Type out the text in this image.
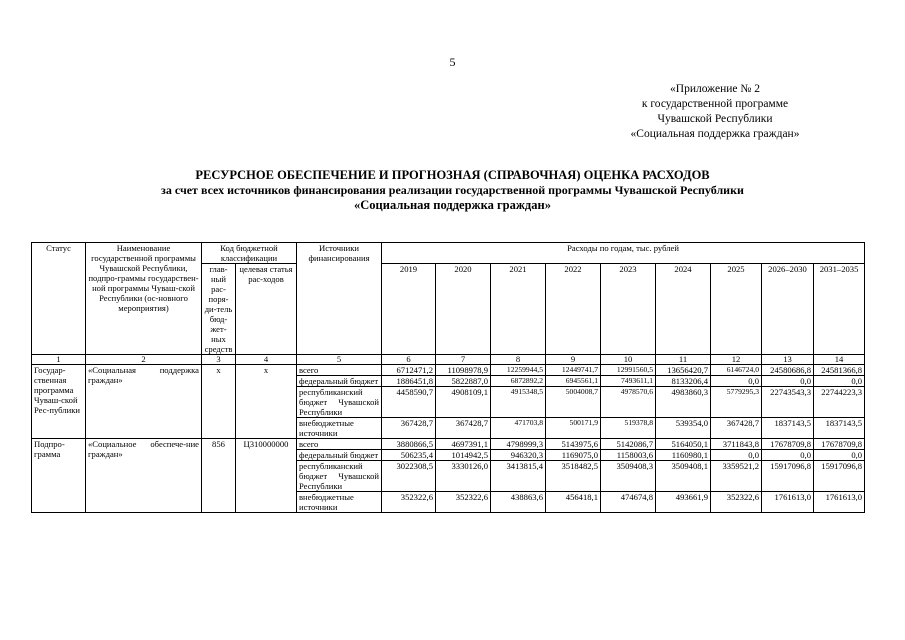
5
«Приложение № 2
к государственной программе
Чувашской Республики
«Социальная поддержка граждан»
РЕСУРСНОЕ ОБЕСПЕЧЕНИЕ И ПРОГНОЗНАЯ (СПРАВОЧНАЯ) ОЦЕНКА РАСХОДОВ
за счет всех источников финансирования реализации государственной программы Чувашской Республики
«Социальная поддержка граждан»
Статус	Наименование государственной программы Чувашской Республики, подпро-граммы государствен-ной программы Чуваш-ской Республики (ос-новного мероприятия)	Код бюджетной классификации		Источники финансирования	Расходы по годам, тыс. рублей								
		глав-ный рас-поря-ди-тель бюд-жет-ных средств	целевая статья рас-ходов		2019	2020	2021	2022	2023	2024	2025	2026–2030	2031–2035

1	2	3	4	5	6	7	8	9	10	11	12	13	14
Государ-ственная программа Чуваш-ской Рес-публики	«Социальная поддержка граждан»	х	х	всего	6712471,2	11098978,9	12259944,5	12449741,7	12991560,5	13656420,7	6146724,0	24580686,8	24581366,8
				федеральный бюджет	1886451,8	5822887,0	6872892,2	6945561,1	7493611,1	8133206,4	0,0	0,0	0,0
				республиканский бюджет Чувашской Республики	4458590,7	4908109,1	4915348,5	5004008,7	4978570,6	4983860,3	5779295,3	22743543,3	22744223,3
				внебюджетные источники	367428,7	367428,7	471703,8	500171,9	519378,8	539354,0	367428,7	1837143,5	1837143,5
Подпро-грамма	«Социальное обеспече-ние граждан»	856	Ц310000000	всего	3880866,5	4697391,1	4798999,3	5143975,6	5142086,7	5164050,1	3711843,8	17678709,8	17678709,8
				федеральный бюджет	506235,4	1014942,5	946320,3	1169075,0	1158003,6	1160980,1	0,0	0,0	0,0
				республиканский бюджет Чувашской Республики	3022308,5	3330126,0	3413815,4	3518482,5	3509408,3	3509408,1	3359521,2	15917096,8	15917096,8
				внебюджетные источники	352322,6	352322,6	438863,6	456418,1	474674,8	493661,9	352322,6	1761613,0	1761613,0
